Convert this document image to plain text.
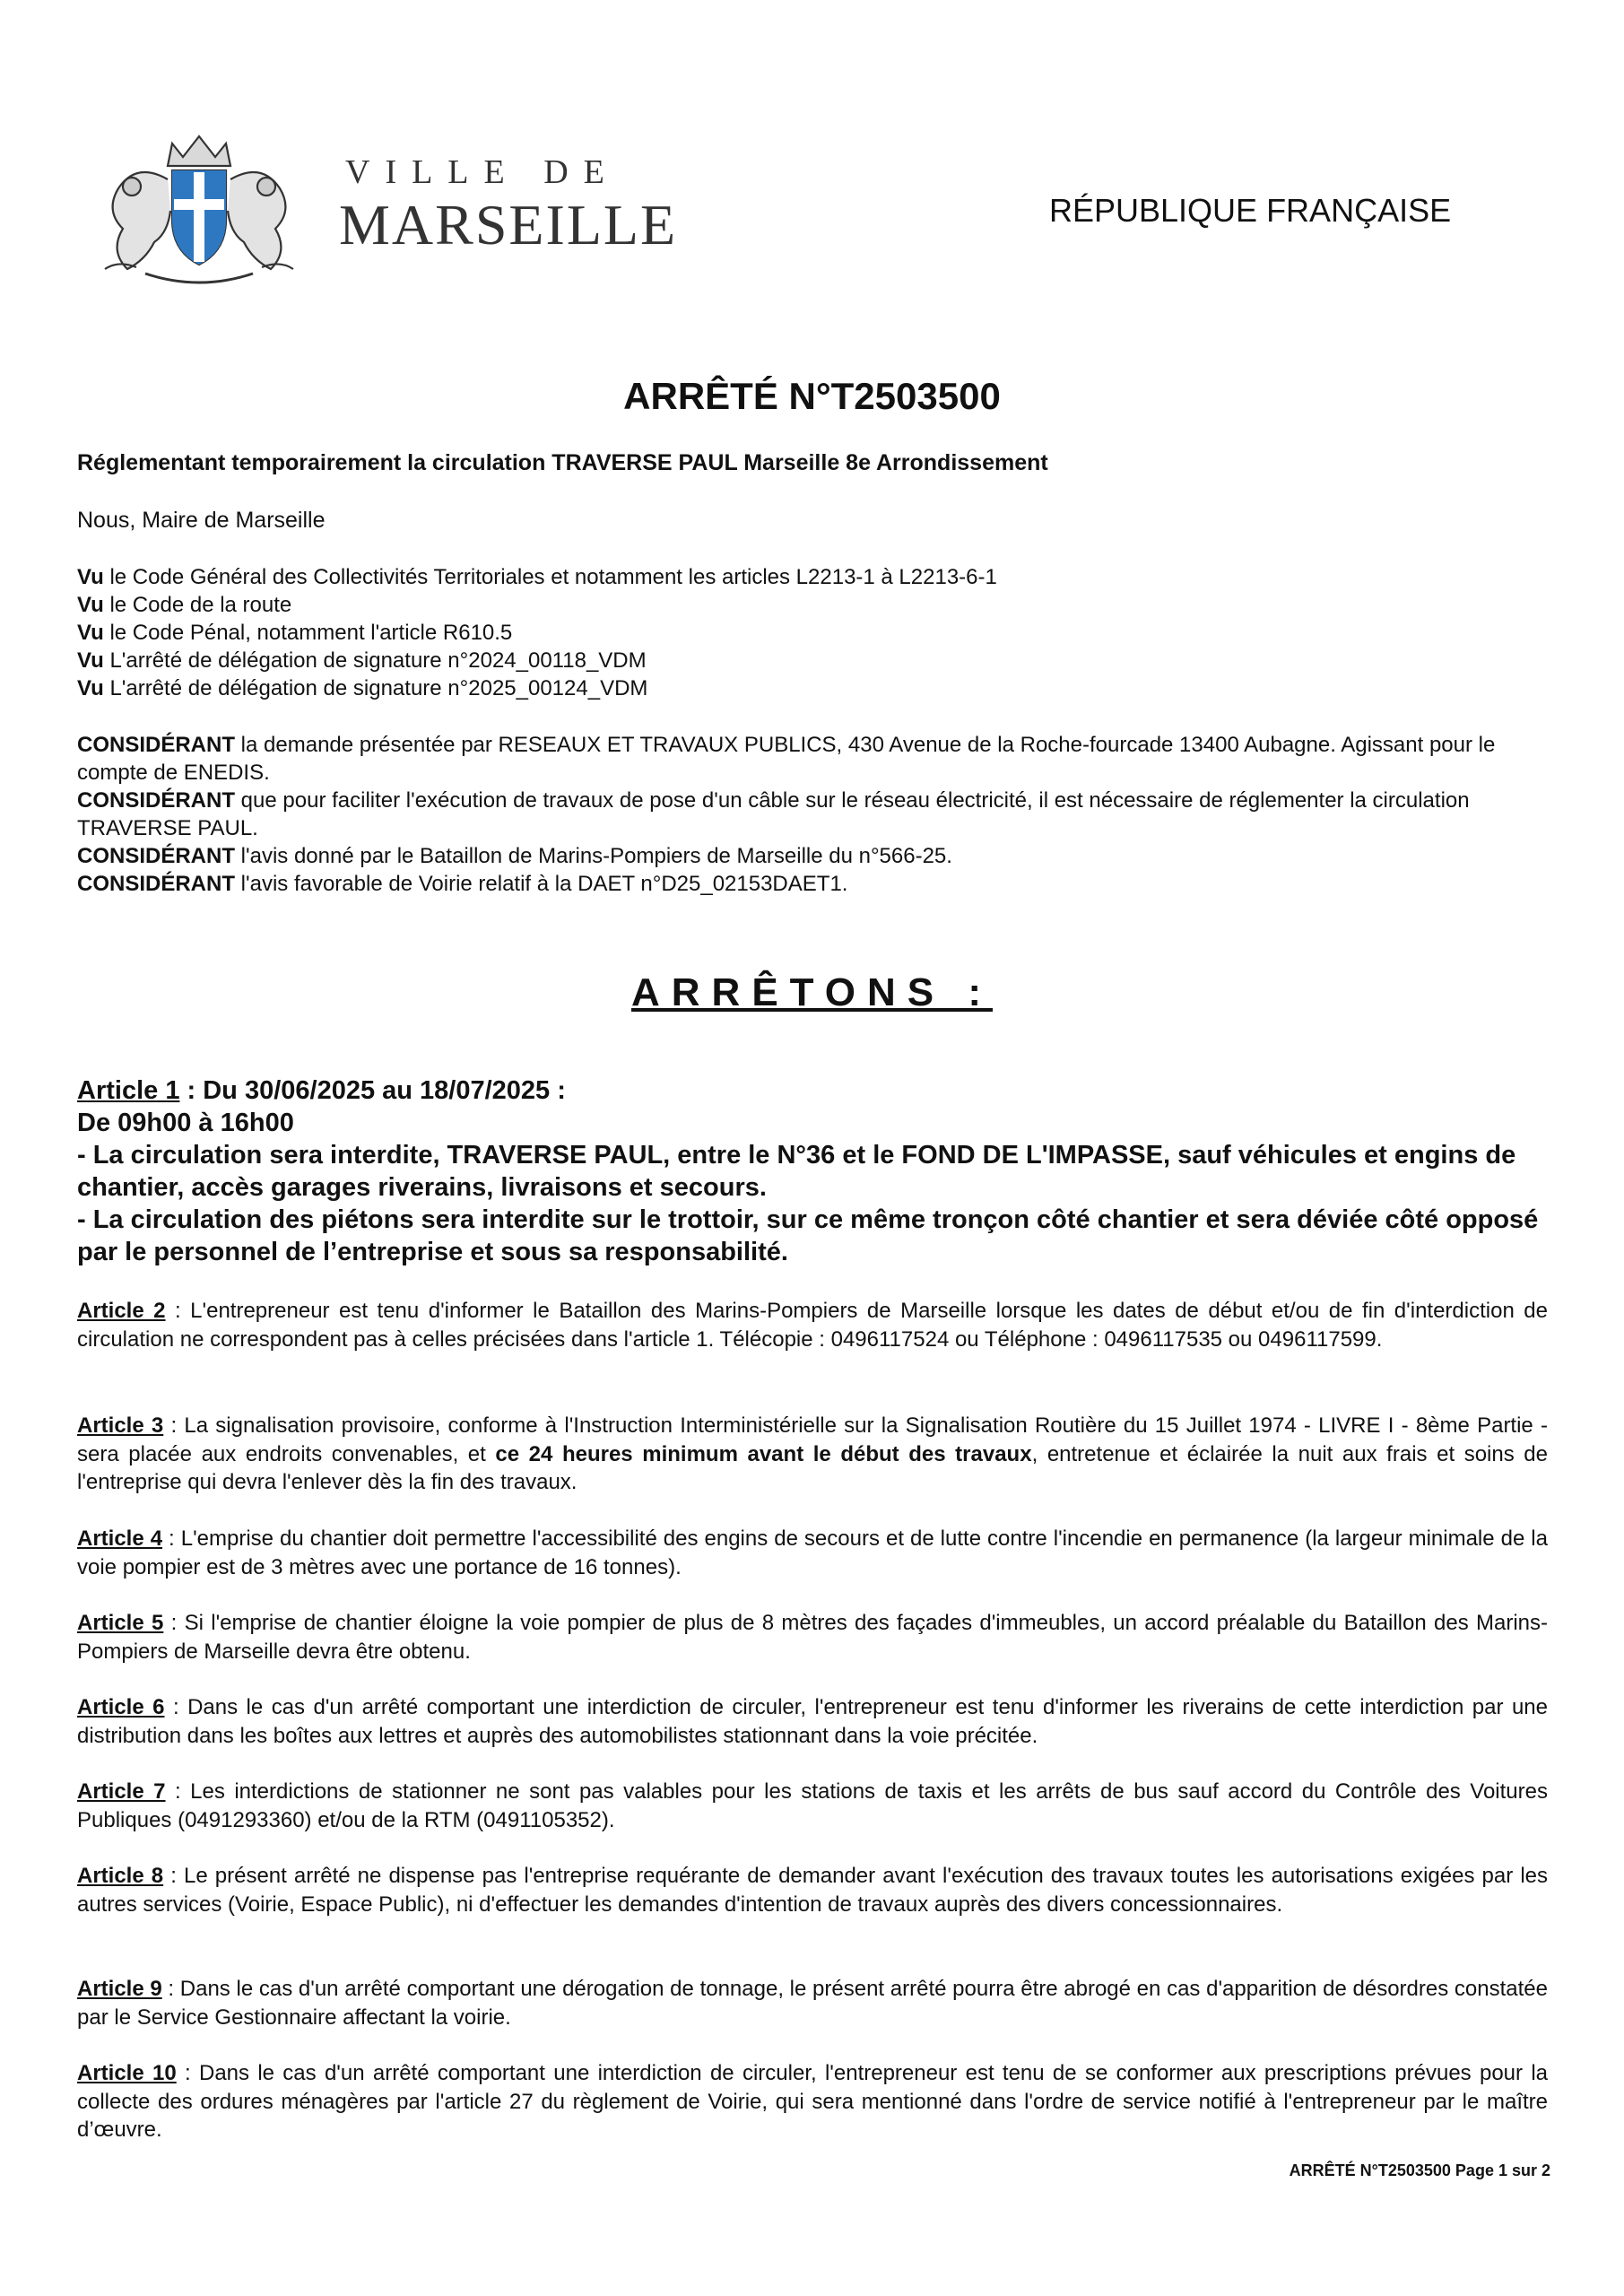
VILLE DE
MARSEILLE	RÉPUBLIQUE FRANÇAISE
ARRÊTÉ N°T2503500
Réglementant temporairement la circulation TRAVERSE PAUL Marseille 8e Arrondissement
Nous, Maire de Marseille

Vu le Code Général des Collectivités Territoriales et notamment les articles L2213-1 à L2213-6-1

Vu le Code de la route

Vu le Code Pénal, notamment l'article R610.5

Vu L'arrêté de délégation de signature n°2024_00118_VDM

Vu L'arrêté de délégation de signature n°2025_00124_VDM

CONSIDÉRANT la demande présentée par RESEAUX ET TRAVAUX PUBLICS, 430 Avenue de la Roche-fourcade 13400 Aubagne. Agissant pour le compte de ENEDIS.

CONSIDÉRANT que pour faciliter l'exécution de travaux de pose d'un câble sur le réseau électricité, il est nécessaire de réglementer la circulation TRAVERSE PAUL.

CONSIDÉRANT l'avis donné par le Bataillon de Marins-Pompiers de Marseille du n°566-25.

CONSIDÉRANT l'avis favorable de Voirie relatif à la DAET n°D25_02153DAET1.

ARRÊTONS :

Article 1 : Du 30/06/2025 au 18/07/2025 :

De 09h00 à 16h00

- La circulation sera interdite, TRAVERSE PAUL, entre le N°36 et le FOND DE L'IMPASSE, sauf véhicules et engins de chantier, accès garages riverains, livraisons et secours.

- La circulation des piétons sera interdite sur le trottoir, sur ce même tronçon côté chantier et sera déviée côté opposé par le personnel de l’entreprise et sous sa responsabilité.

Article 2 : L'entrepreneur est tenu d'informer le Bataillon des Marins-Pompiers de Marseille lorsque les dates de début et/ou de fin d'interdiction de circulation ne correspondent pas à celles précisées dans l'article 1. Télécopie : 0496117524 ou Téléphone : 0496117535 ou 0496117599.
Article 3 : La signalisation provisoire, conforme à l'Instruction Interministérielle sur la Signalisation Routière du 15 Juillet 1974 - LIVRE I - 8ème Partie - sera placée aux endroits convenables, et ce 24 heures minimum avant le début des travaux, entretenue et éclairée la nuit aux frais et soins de l'entreprise qui devra l'enlever dès la fin des travaux.
Article 4 : L'emprise du chantier doit permettre l'accessibilité des engins de secours et de lutte contre l'incendie en permanence (la largeur minimale de la voie pompier est de 3 mètres avec une portance de 16 tonnes).
Article 5 : Si l'emprise de chantier éloigne la voie pompier de plus de 8 mètres des façades d'immeubles, un accord préalable du Bataillon des Marins-Pompiers de Marseille devra être obtenu.
Article 6 : Dans le cas d'un arrêté comportant une interdiction de circuler, l'entrepreneur est tenu d'informer les riverains de cette interdiction par une distribution dans les boîtes aux lettres et auprès des automobilistes stationnant dans la voie précitée.
Article 7 : Les interdictions de stationner ne sont pas valables pour les stations de taxis et les arrêts de bus sauf accord du Contrôle des Voitures Publiques (0491293360) et/ou de la RTM (0491105352).
Article 8 : Le présent arrêté ne dispense pas l'entreprise requérante de demander avant l'exécution des travaux toutes les autorisations exigées par les autres services (Voirie, Espace Public), ni d'effectuer les demandes d'intention de travaux auprès des divers concessionnaires.
Article 9 : Dans le cas d'un arrêté comportant une dérogation de tonnage, le présent arrêté pourra être abrogé en cas d'apparition de désordres constatée par le Service Gestionnaire affectant la voirie.
Article 10 : Dans le cas d'un arrêté comportant une interdiction de circuler, l'entrepreneur est tenu de se conformer aux prescriptions prévues pour la collecte des ordures ménagères par l'article 27 du règlement de Voirie, qui sera mentionné dans l'ordre de service notifié à l'entrepreneur par le maître d’œuvre.
ARRÊTÉ N°T2503500 Page 1 sur 2
